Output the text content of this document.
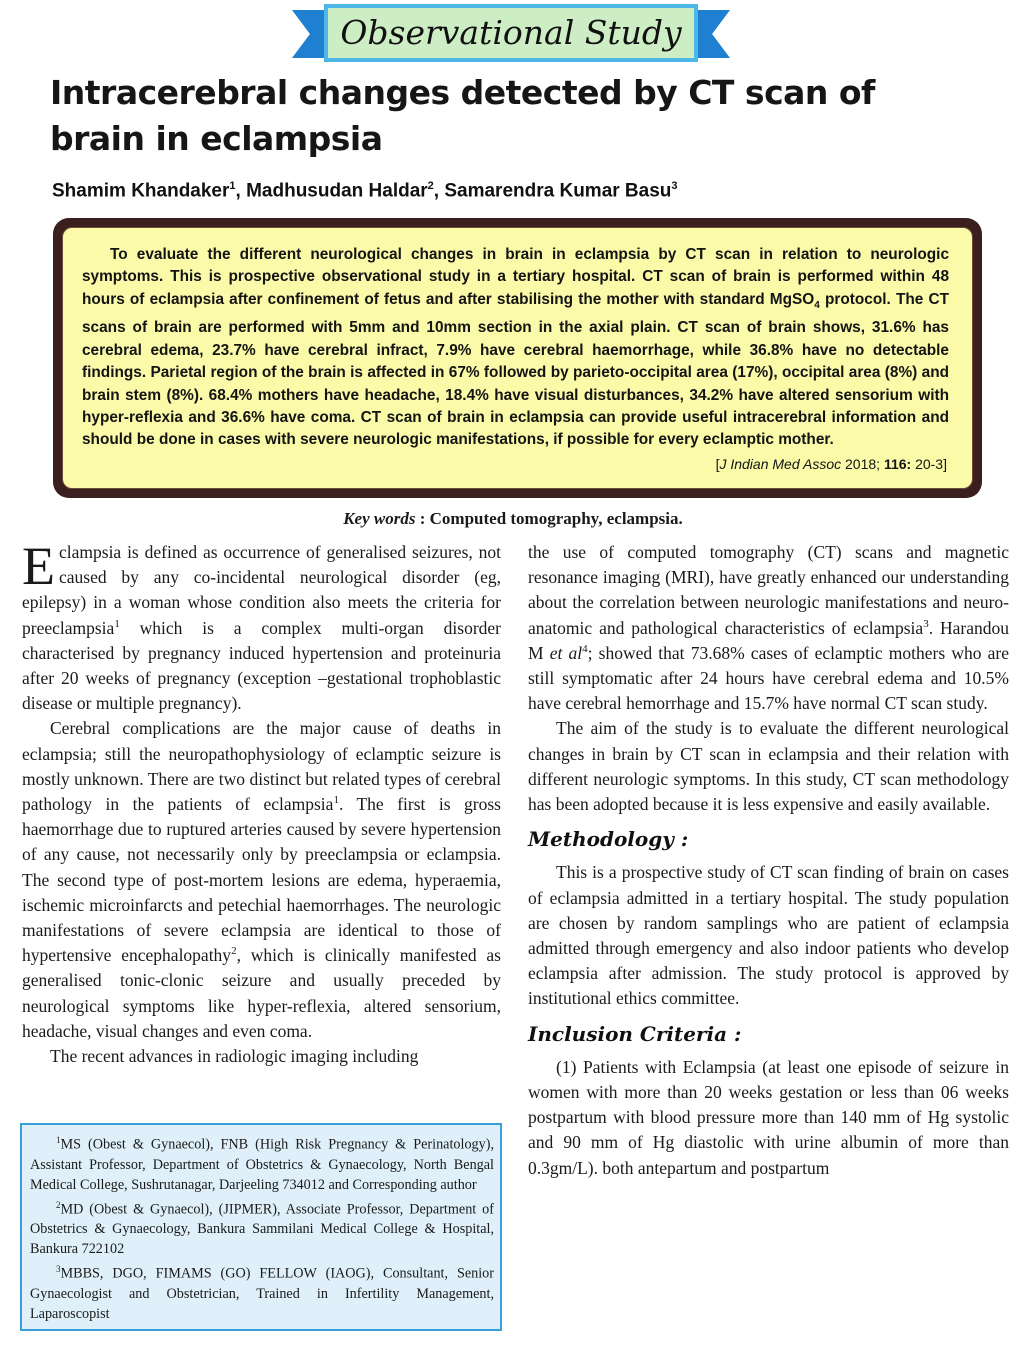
Observational Study
Intracerebral changes detected by CT scan of brain in eclampsia
Shamim Khandaker$^1$, Madhusudan Haldar$^2$, Samarendra Kumar Basu$^3$

To evaluate the different neurological changes in brain in eclampsia by CT scan in relation to neurologic symptoms. This is prospective observational study in a tertiary hospital. CT scan of brain is performed within 48 hours of eclampsia after confinement of fetus and after stabilising the mother with standard MgSO$_4$ protocol. The CT scans of brain are performed with 5mm and 10mm section in the axial plain. CT scan of brain shows, 31.6% has cerebral edema, 23.7% have cerebral infract, 7.9% have cerebral haemorrhage, while 36.8% have no detectable findings. Parietal region of the brain is affected in 67% followed by parieto-occipital area (17%), occipital area (8%) and brain stem (8%). 68.4% mothers have headache, 18.4% have visual disturbances, 34.2% have altered sensorium with hyper-reflexia and 36.6% have coma. CT scan of brain in eclampsia can provide useful intracerebral information and should be done in cases with severe neurologic manifestations, if possible for every eclamptic mother.

[J Indian Med Assoc 2018; 116: 20-3]
Key words : Computed tomography, eclampsia.

Eclampsia is defined as occurrence of generalised seizures, not caused by any co-incidental neurological disorder (eg, epilepsy) in a woman whose condition also meets the criteria for preeclampsia$^1$ which is a complex multi-organ disorder characterised by pregnancy induced hypertension and proteinuria after 20 weeks of pregnancy (exception –gestational trophoblastic disease or multiple pregnancy).

Cerebral complications are the major cause of deaths in eclampsia; still the neuropathophysiology of eclamptic seizure is mostly unknown. There are two distinct but related types of cerebral pathology in the patients of eclampsia$^1$. The first is gross haemorrhage due to ruptured arteries caused by severe hypertension of any cause, not necessarily only by preeclampsia or eclampsia. The second type of post-mortem lesions are edema, hyperaemia, ischemic microinfarcts and petechial haemorrhages. The neurologic manifestations of severe eclampsia are identical to those of hypertensive encephalopathy$^2$, which is clinically manifested as generalised tonic-clonic seizure and usually preceded by neurological symptoms like hyper-reflexia, altered sensorium, headache, visual changes and even coma.

The recent advances in radiologic imaging including

$^1$MS (Obest & Gynaecol), FNB (High Risk Pregnancy & Perinatology), Assistant Professor, Department of Obstetrics & Gynaecology, North Bengal Medical College, Sushrutanagar, Darjeeling 734012 and Corresponding author

$^2$MD (Obest & Gynaecol), (JIPMER), Associate Professor, Department of Obstetrics & Gynaecology, Bankura Sammilani Medical College & Hospital, Bankura 722102

$^3$MBBS, DGO, FIMAMS (GO) FELLOW (IAOG), Consultant, Senior Gynaecologist and Obstetrician, Trained in Infertility Management, Laparoscopist

the use of computed tomography (CT) scans and magnetic resonance imaging (MRI), have greatly enhanced our understanding about the correlation between neurologic manifestations and neuro-anatomic and pathological characteristics of eclampsia$^3$. Harandou M et $al^4$; showed that 73.68% cases of eclamptic mothers who are still symptomatic after 24 hours have cerebral edema and 10.5% have cerebral hemorrhage and 15.7% have normal CT scan study.

The aim of the study is to evaluate the different neurological changes in brain by CT scan in eclampsia and their relation with different neurologic symptoms. In this study, CT scan methodology has been adopted because it is less expensive and easily available.

Methodology :

This is a prospective study of CT scan finding of brain on cases of eclampsia admitted in a tertiary hospital. The study population are chosen by random samplings who are patient of eclampsia admitted through emergency and also indoor patients who develop eclampsia after admission. The study protocol is approved by institutional ethics committee.

Inclusion Criteria :

(1) Patients with Eclampsia (at least one episode of seizure in women with more than 20 weeks gestation or less than 06 weeks postpartum with blood pressure more than 140 mm of Hg systolic and 90 mm of Hg diastolic with urine albumin of more than 0.3gm/L). both antepartum and postpartum
